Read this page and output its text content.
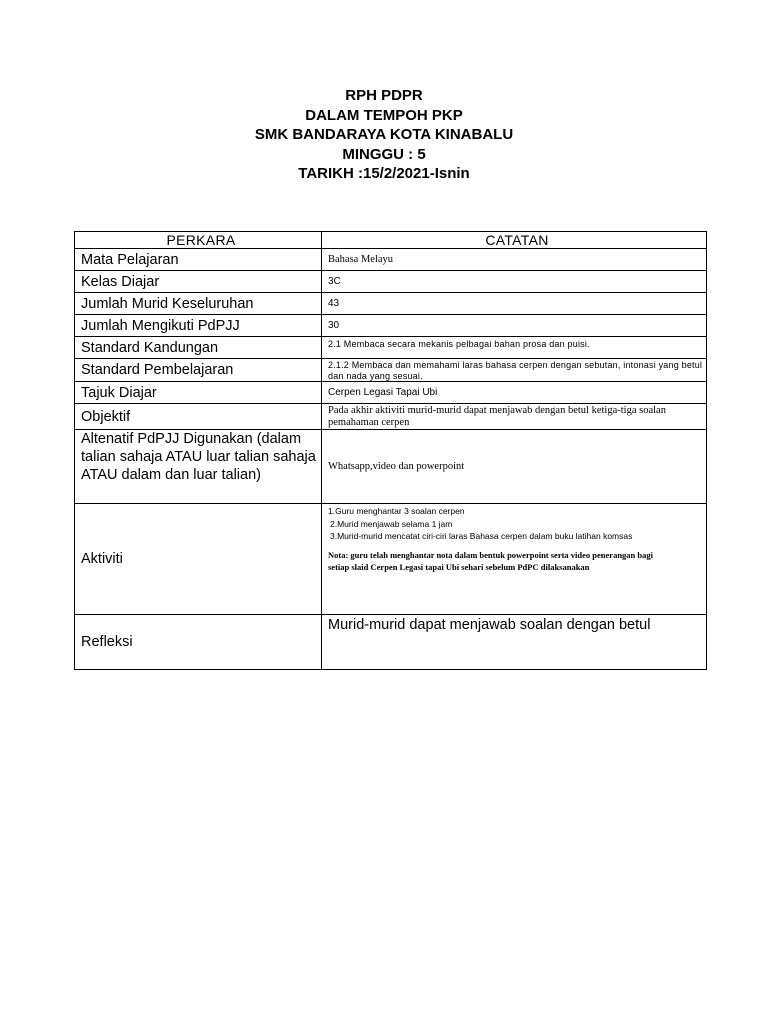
RPH PDPR
DALAM TEMPOH PKP
SMK BANDARAYA KOTA KINABALU
MINGGU : 5
TARIKH :15/2/2021-Isnin
PERKARA	CATATAN
Mata Pelajaran	Bahasa Melayu
Kelas Diajar	3C
Jumlah Murid Keseluruhan	43
Jumlah Mengikuti PdPJJ	30
Standard Kandungan	2.1 Membaca secara mekanis pelbagai bahan prosa dan puisi.
Standard Pembelajaran	2.1.2 Membaca dan memahami laras bahasa cerpen dengan sebutan, intonasi yang betul dan nada yang sesuai.
Tajuk Diajar	Cerpen Legasi Tapai Ubi
Objektif	Pada akhir aktiviti murid-murid dapat menjawab dengan betul ketiga-tiga soalan pemahaman cerpen
Altenatif PdPJJ Digunakan (dalam talian sahaja ATAU luar talian sahaja ATAU dalam dan luar talian)	Whatsapp,video dan powerpoint
Aktiviti	1.Guru menghantar 3 soalan cerpen
2.Murid menjawab selama 1 jam
3.Murid-murid mencatat ciri-ciri laras Bahasa cerpen dalam buku latihan komsas
Nota: guru telah menghantar nota dalam bentuk powerpoint serta video penerangan bagi setiap slaid Cerpen Legasi tapai Ubi sehari sebelum PdPC dilaksanakan

Refleksi	Murid-murid dapat menjawab soalan dengan betul
